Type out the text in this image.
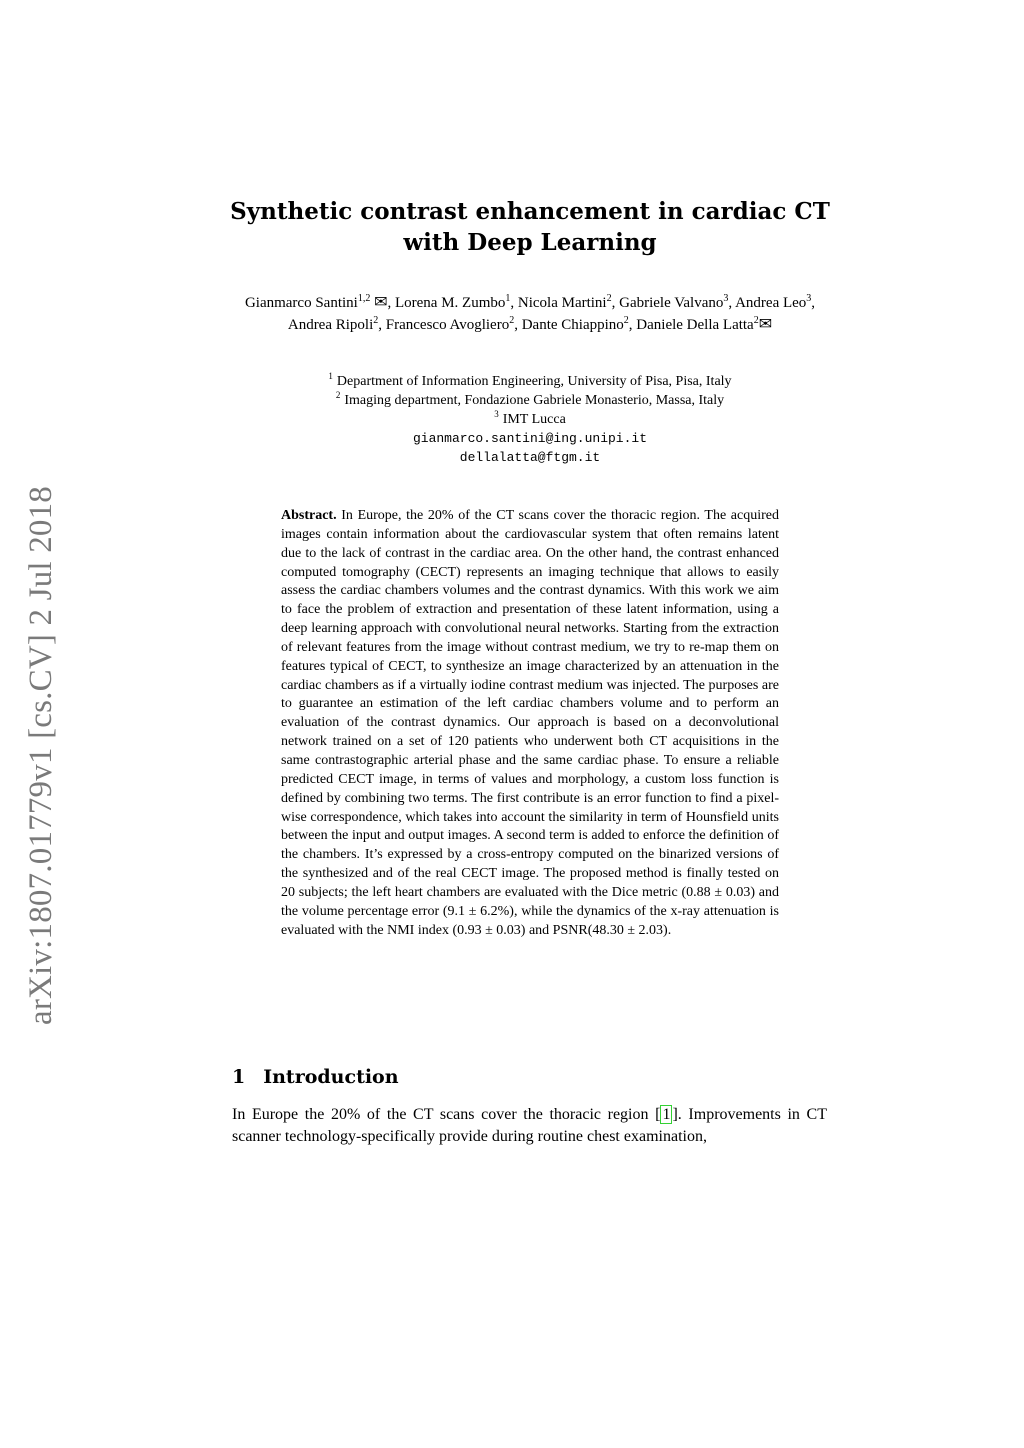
arXiv:1807.01779v1 [cs.CV] 2 Jul 2018
Synthetic contrast enhancement in cardiac CT
with Deep Learning
Gianmarco Santini$^{1,2}$ ✉, Lorena M. Zumbo$^1$, Nicola Martini$^2$, Gabriele Valvano$^3$, Andrea Leo$^3$, Andrea Ripoli$^2$, Francesco Avogliero$^2$, Dante Chiappino$^2$, Daniele Della Latta$^2$✉
$^1$ Department of Information Engineering, University of Pisa, Pisa, Italy
$^2$ Imaging department, Fondazione Gabriele Monasterio, Massa, Italy
$^3$ IMT Lucca
gianmarco.santini@ing.unipi.it
dellalatta@ftgm.it
Abstract. In Europe, the 20% of the CT scans cover the thoracic region. The acquired images contain information about the cardiovascular system that often remains latent due to the lack of contrast in the cardiac area. On the other hand, the contrast enhanced computed tomography (CECT) represents an imaging technique that allows to easily assess the cardiac chambers volumes and the contrast dynamics. With this work we aim to face the problem of extraction and presentation of these latent information, using a deep learning approach with convolutional neural networks. Starting from the extraction of relevant features from the image without contrast medium, we try to re-map them on features typical of CECT, to synthesize an image characterized by an attenuation in the cardiac chambers as if a virtually iodine contrast medium was injected. The purposes are to guarantee an estimation of the left cardiac chambers volume and to perform an evaluation of the contrast dynamics. Our approach is based on a deconvolutional network trained on a set of 120 patients who underwent both CT acquisitions in the same contrastographic arterial phase and the same cardiac phase. To ensure a reliable predicted CECT image, in terms of values and morphology, a custom loss function is defined by combining two terms. The first contribute is an error function to find a pixel-wise correspondence, which takes into account the similarity in term of Hounsfield units between the input and output images. A second term is added to enforce the definition of the chambers. It’s expressed by a cross-entropy computed on the binarized versions of the synthesized and of the real CECT image. The proposed method is finally tested on 20 subjects; the left heart chambers are evaluated with the Dice metric (0.88 ± 0.03) and the volume percentage error (9.1 ± 6.2%), while the dynamics of the x-ray attenuation is evaluated with the NMI index (0.93 ± 0.03) and PSNR(48.30 ± 2.03).
1 Introduction
In Europe the 20% of the CT scans cover the thoracic region [ 1 ]. Improvements in CT scanner technology-specifically provide during routine chest examination,
